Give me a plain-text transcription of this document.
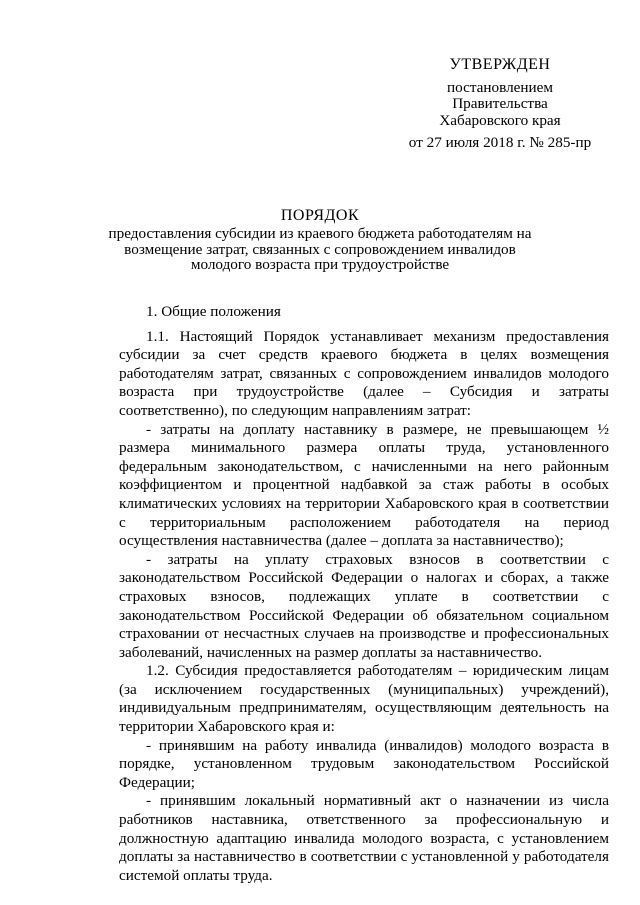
УТВЕРЖДЕН
постановлением
Правительства
Хабаровского края
от 27 июля 2018 г. № 285-пр
ПОРЯДОК
предоставления субсидии из краевого бюджета работодателям на возмещение затрат, связанных с сопровождением инвалидов молодого возраста при трудоустройстве
1. Общие положения

1.1. Настоящий Порядок устанавливает механизм предоставления субсидии за счет средств краевого бюджета в целях возмещения работодателям затрат, связанных с сопровождением инвалидов молодого возраста при трудоустройстве (далее – Субсидия и затраты соответственно), по следующим направлениям затрат:

- затраты на доплату наставнику в размере, не превышающем ½ размера минимального размера оплаты труда, установленного федеральным законодательством, с начисленными на него районным коэффициентом и процентной надбавкой за стаж работы в особых климатических условиях на территории Хабаровского края в соответствии с территориальным расположением работодателя на период осуществления наставничества (далее – доплата за наставничество);

- затраты на уплату страховых взносов в соответствии с законодательством Российской Федерации о налогах и сборах, а также страховых взносов, подлежащих уплате в соответствии с законодательством Российской Федерации об обязательном социальном страховании от несчастных случаев на производстве и профессиональных заболеваний, начисленных на размер доплаты за наставничество.

1.2. Субсидия предоставляется работодателям – юридическим лицам (за исключением государственных (муниципальных) учреждений), индивидуальным предпринимателям, осуществляющим деятельность на территории Хабаровского края и:

- принявшим на работу инвалида (инвалидов) молодого возраста в порядке, установленном трудовым законодательством Российской Федерации;

- принявшим локальный нормативный акт о назначении из числа работников наставника, ответственного за профессиональную и должностную адаптацию инвалида молодого возраста, с установлением доплаты за наставничество в соответствии с установленной у работодателя системой оплаты труда.
